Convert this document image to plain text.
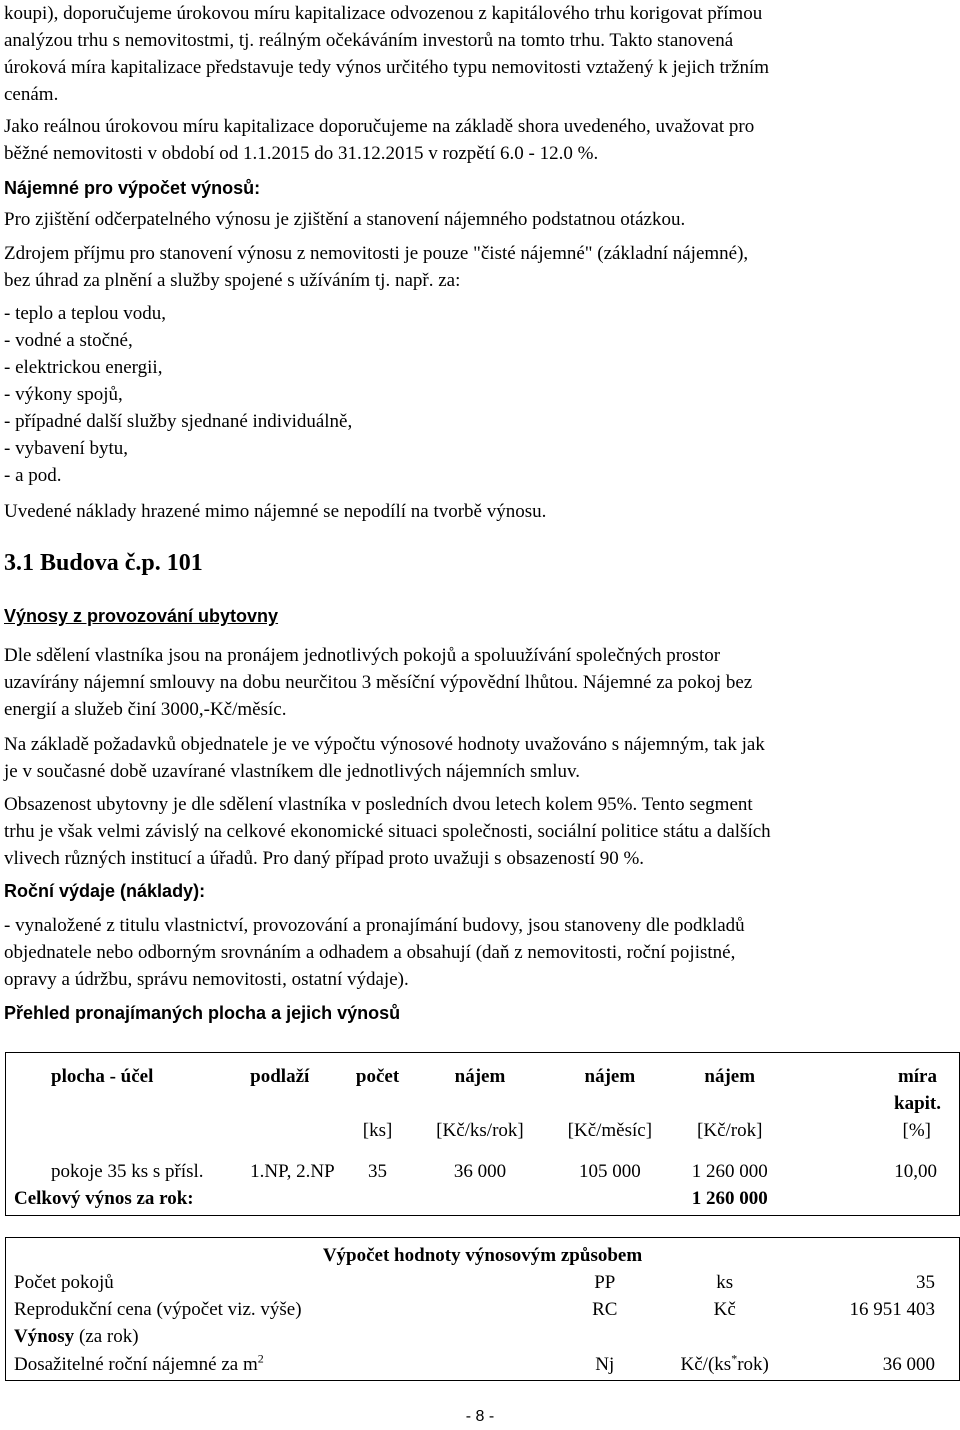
koupi), doporučujeme úrokovou míru kapitalizace odvozenou z kapitálového trhu korigovat přímou
analýzou trhu s nemovitostmi, tj. reálným očekáváním investorů na tomto trhu. Takto stanovená
úroková míra kapitalizace představuje tedy výnos určitého typu nemovitosti vztažený k jejich tržním
cenám.
Jako reálnou úrokovou míru kapitalizace doporučujeme na základě shora uvedeného, uvažovat pro
běžné nemovitosti v období od 1.1.2015 do 31.12.2015 v rozpětí 6.0 - 12.0 %.
Nájemné pro výpočet výnosů:
Pro zjištění odčerpatelného výnosu je zjištění a stanovení nájemného podstatnou otázkou.
Zdrojem příjmu pro stanovení výnosu z nemovitosti je pouze "čisté nájemné" (základní nájemné),
bez úhrad za plnění a služby spojené s užíváním tj. např. za:
- teplo a teplou vodu,
- vodné a stočné,
- elektrickou energii,
- výkony spojů,
- případné další služby sjednané individuálně,
- vybavení bytu,
- a pod.
Uvedené náklady hrazené mimo nájemné se nepodílí na tvorbě výnosu.
3.1 Budova č.p. 101
Výnosy z provozování ubytovny
Dle sdělení vlastníka jsou na pronájem jednotlivých pokojů a spoluužívání společných prostor
uzavírány nájemní smlouvy na dobu neurčitou 3 měsíční výpovědní lhůtou. Nájemné za pokoj bez
energií a služeb činí 3000,-Kč/měsíc.
Na základě požadavků objednatele je ve výpočtu výnosové hodnoty uvažováno s nájemným, tak jak
je v současné době uzavírané vlastníkem dle jednotlivých nájemních smluv.
Obsazenost ubytovny je dle sdělení vlastníka v posledních dvou letech kolem 95%. Tento segment
trhu je však velmi závislý na celkové ekonomické situaci společnosti, sociální politice státu a dalších
vlivech různých institucí a úřadů. Pro daný případ proto uvažuji s obsazeností 90 %.
Roční výdaje (náklady):
- vynaložené z titulu vlastnictví, provozování a pronajímání budovy, jsou stanoveny dle podkladů
objednatele nebo odborným srovnáním a odhadem a obsahují (daň z nemovitosti, roční pojistné,
opravy a údržbu, správu nemovitosti, ostatní výdaje).
Přehled pronajímaných plocha a jejich výnosů
plocha - účel	podlaží	počet	nájem	nájem	nájem	míra
						kapit.
		[ks]	[Kč/ks/rok]	[Kč/měsíc]	[Kč/rok]	[%]
pokoje 35 ks s přísl.	1.NP, 2.NP	35	36 000	105 000	1 260 000	10,00
Celkový výnos za rok:					1 260 000	
Výpočet hodnoty výnosovým způsobem			
Počet pokojů	PP	ks	35
Reprodukční cena (výpočet viz. výše)	RC	Kč	16 951 403
Výnosy (za rok)			
Dosažitelné roční nájemné za $m^2$	Nj	Kč/(ks*rok)	36 000
- 8 -
